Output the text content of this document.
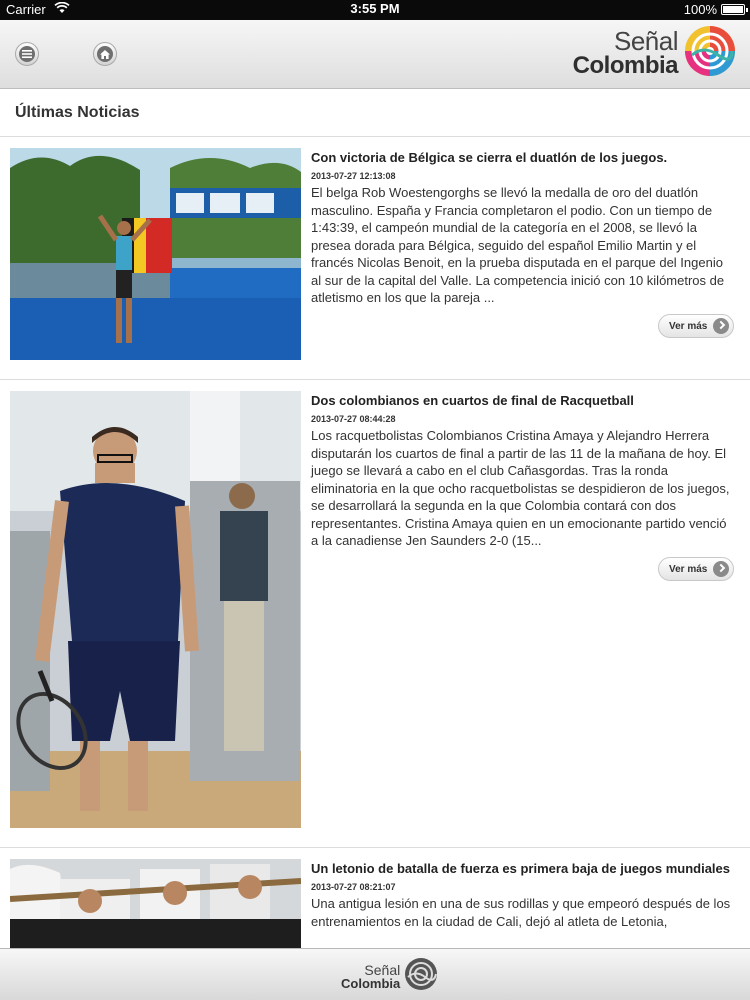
Carrier	3:55 PM	100%
Señal
Colombia
Últimas Noticias
Con victoria de Bélgica se cierra el duatlón de los juegos.
2013-07-27 12:13:08
El belga Rob Woestengorghs se llevó la medalla de oro del duatlón masculino. España y Francia completaron el podio. Con un tiempo de 1:43:39, el campeón mundial de la categoría en el 2008, se llevó la presea dorada para Bélgica, seguido del español Emilio Martin y el francés Nicolas Benoit, en la prueba disputada en el parque del Ingenio al sur de la capital del Valle. La competencia inició con 10 kilómetros de atletismo en los que la pareja ...
Ver más
Dos colombianos en cuartos de final de Racquetball
2013-07-27 08:44:28
Los racquetbolistas Colombianos Cristina Amaya y Alejandro Herrera disputarán los cuartos de final a partir de las 11 de la mañana de hoy. El juego se llevará a cabo en el club Cañasgordas. Tras la ronda eliminatoria en la que ocho racquetbolistas se despidieron de los juegos, se desarrollará la segunda en la que Colombia contará con dos representantes. Cristina Amaya quien en un emocionante partido venció a la canadiense Jen Saunders 2-0 (15...
Ver más
Un letonio de batalla de fuerza es primera baja de juegos mundiales
2013-07-27 08:21:07
Una antigua lesión en una de sus rodillas y que empeoró después de los entrenamientos en la ciudad de Cali, dejó al atleta de Letonia,
Señal
Colombia
